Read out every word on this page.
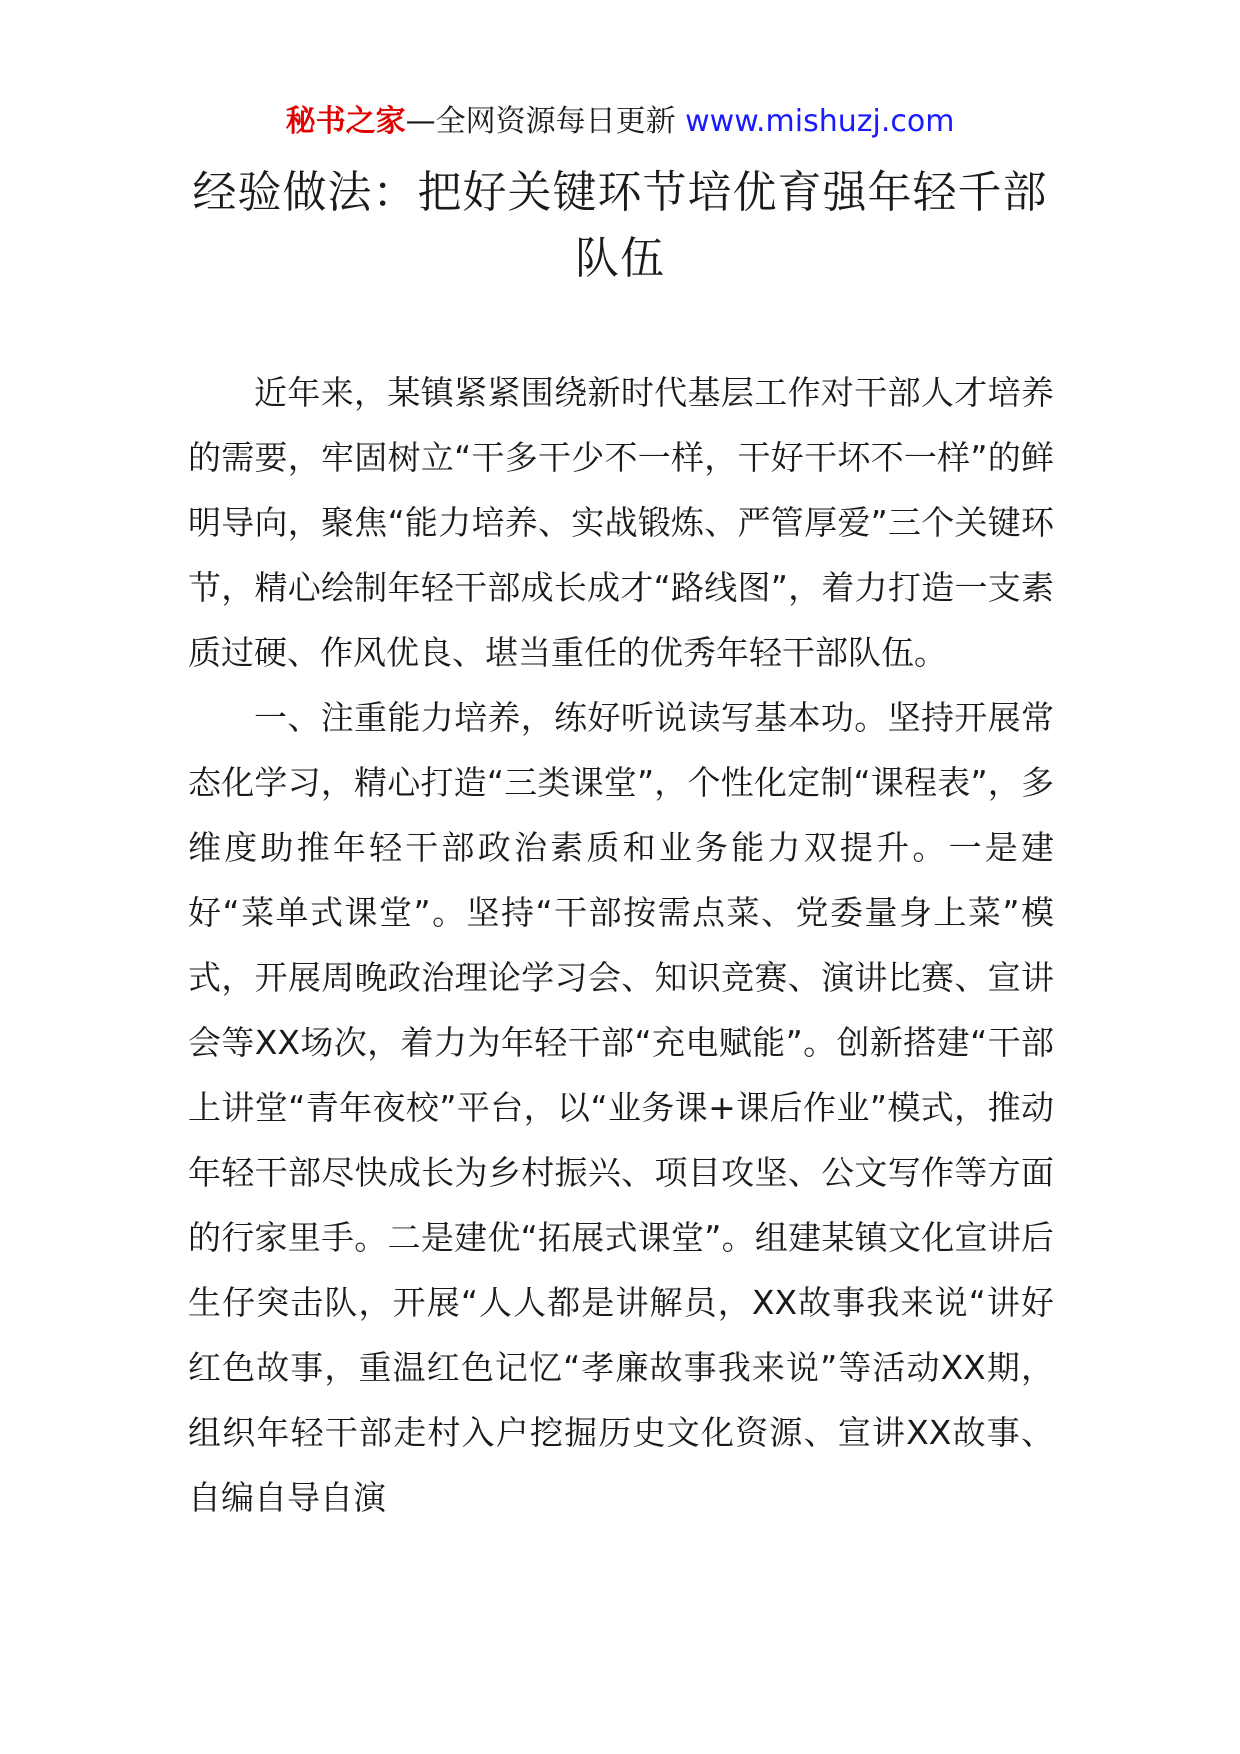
秘书之家—全网资源每日更新 www.mishuzj.com
经验做法：把好关键环节培优育强年轻千部队伍

近年来，某镇紧紧围绕新时代基层工作对干部人才培养的需要，牢固树立“干多干少不一样，干好干坏不一样”的鲜明导向，聚焦“能力培养、实战锻炼、严管厚爱”三个关键环节，精心绘制年轻干部成长成才“路线图”，着力打造一支素质过硬、作风优良、堪当重任的优秀年轻干部队伍。

一、注重能力培养，练好听说读写基本功。坚持开展常态化学习，精心打造“三类课堂”，个性化定制“课程表”，多维度助推年轻干部政治素质和业务能力双提升。一是建好“菜单式课堂”。坚持“干部按需点菜、党委量身上菜”模式，开展周晚政治理论学习会、知识竞赛、演讲比赛、宣讲会等XX场次，着力为年轻干部“充电赋能”。创新搭建“干部上讲堂“青年夜校”平台，以“业务课+课后作业”模式，推动年轻干部尽快成长为乡村振兴、项目攻坚、公文写作等方面的行家里手。二是建优“拓展式课堂”。组建某镇文化宣讲后生仔突击队，开展“人人都是讲解员，XX故事我来说“讲好红色故事，重温红色记忆“孝廉故事我来说”等活动XX期，组织年轻干部走村入户挖掘历史文化资源、宣讲XX故事、自编自导自演
